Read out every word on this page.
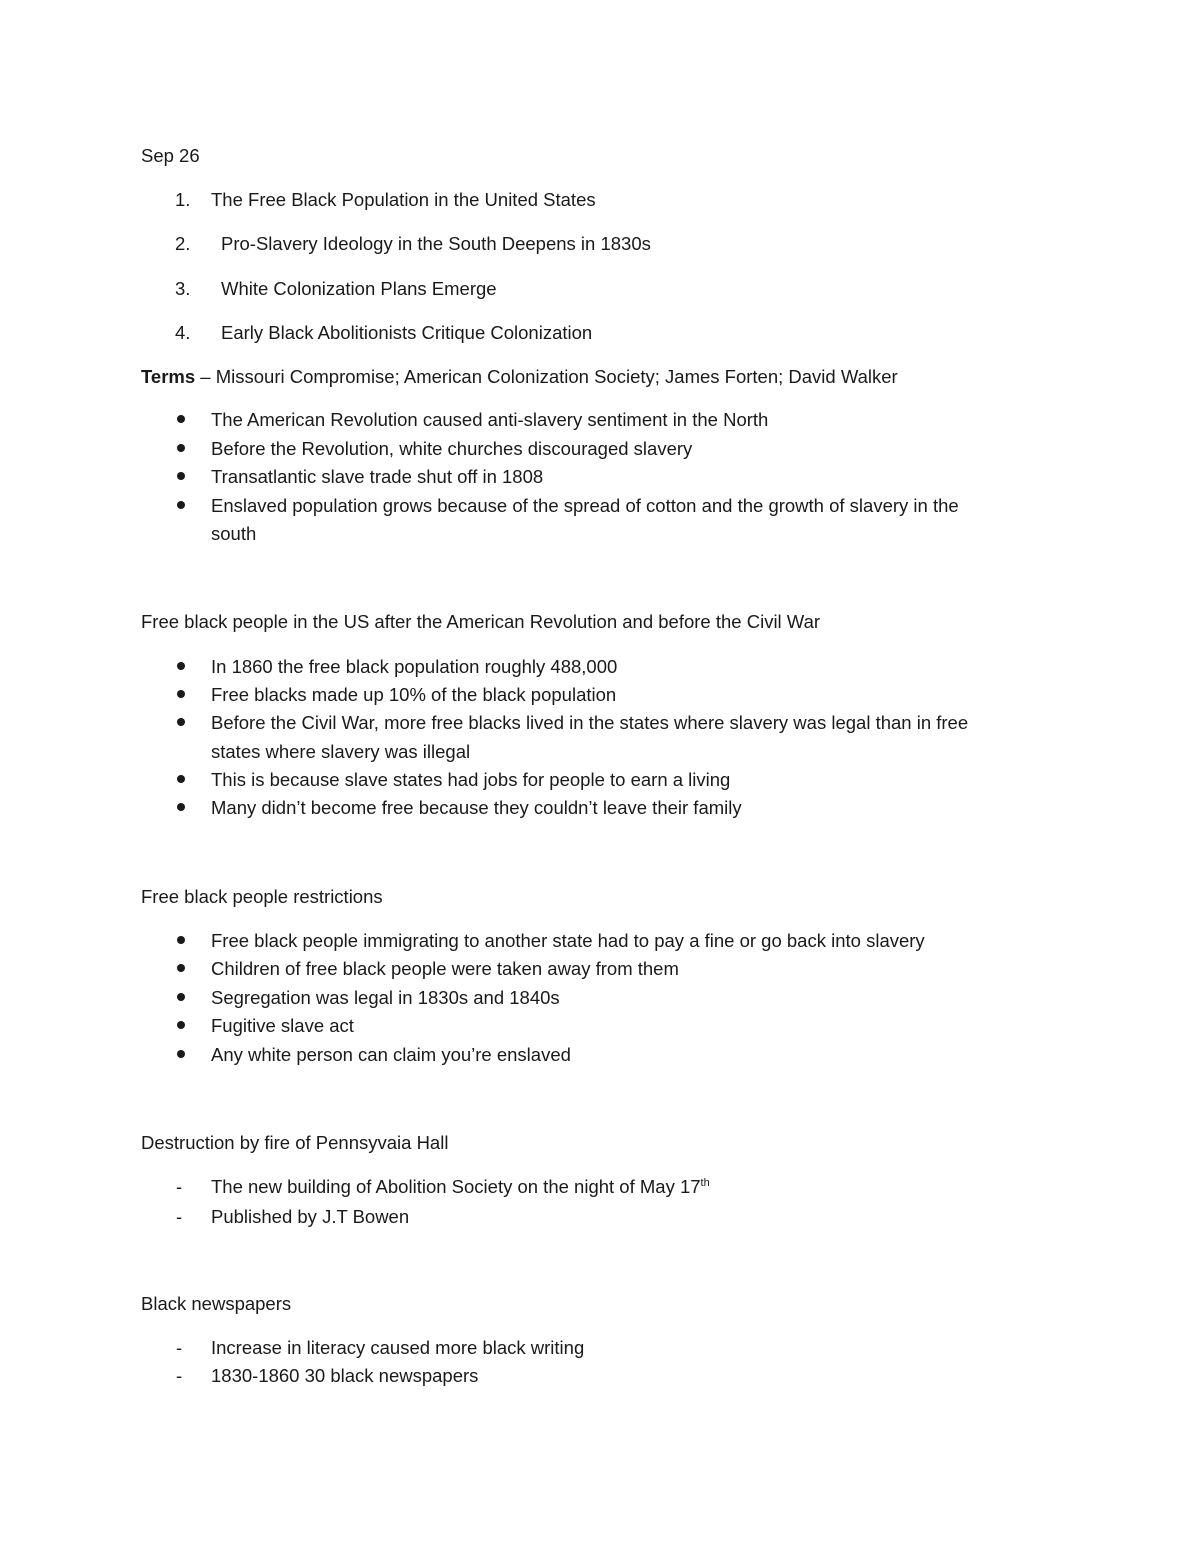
Sep 26
1. The Free Black Population in the United States
2. Pro-Slavery Ideology in the South Deepens in 1830s
3. White Colonization Plans Emerge
4. Early Black Abolitionists Critique Colonization
Terms – Missouri Compromise; American Colonization Society; James Forten; David Walker
The American Revolution caused anti-slavery sentiment in the North
Before the Revolution, white churches discouraged slavery
Transatlantic slave trade shut off in 1808
Enslaved population grows because of the spread of cotton and the growth of slavery in the
south
Free black people in the US after the American Revolution and before the Civil War
In 1860 the free black population roughly 488,000
Free blacks made up 10% of the black population
Before the Civil War, more free blacks lived in the states where slavery was legal than in free
states where slavery was illegal
This is because slave states had jobs for people to earn a living
Many didn’t become free because they couldn’t leave their family
Free black people restrictions
Free black people immigrating to another state had to pay a fine or go back into slavery
Children of free black people were taken away from them
Segregation was legal in 1830s and 1840s
Fugitive slave act
Any white person can claim you’re enslaved
Destruction by fire of Pennsyvaia Hall
- The new building of Abolition Society on the night of May 17th
- Published by J.T Bowen
Black newspapers
- Increase in literacy caused more black writing
- 1830-1860 30 black newspapers
